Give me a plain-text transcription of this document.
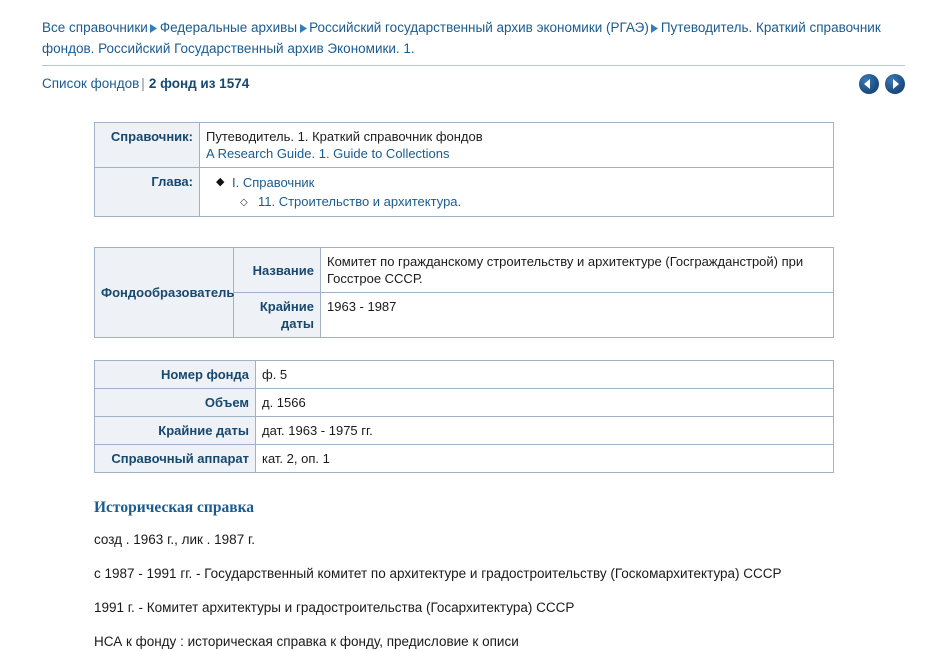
Все справочники Федеральные архивы Российский государственный архив экономики (РГАЭ) Путеводитель. Краткий справочник фондов. Российский Государственный архив Экономики. 1.
Список фондов | 2 фонд из 1574
Справочник:	Путеводитель. 1. Краткий справочник фондов
A Research Guide. 1. Guide to Collections

Глава:	◆ I. Справочник
◇ 11. Строительство и архитектура.
Фондообразователь	Название	Комитет по гражданскому строительству и архитектуре (Госгражданстрой) при Госстрое СССР.
	Крайние даты	1963 - 1987
Номер фонда	ф. 5
Объем	д. 1566
Крайние даты	дат. 1963 - 1975 гг.
Справочный аппарат	кат. 2, оп. 1
Историческая справка

созд . 1963 г., лик . 1987 г.

с 1987 - 1991 гг. - Государственный комитет по архитектуре и градостроительству (Госкомархитектура) СССР

1991 г. - Комитет архитектуры и градостроительства (Госархитектура) СССР

НСА к фонду : историческая справка к фонду, предисловие к описи
